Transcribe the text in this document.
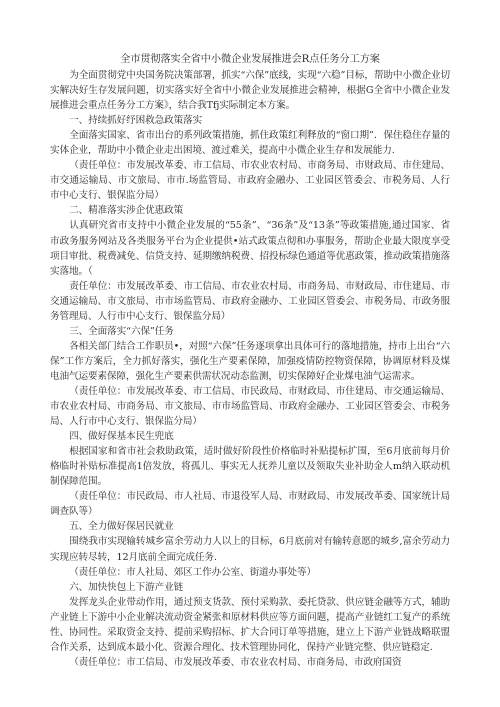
全市贯彻落实全省中小微企业发展推进会R点任务分工方案

为全面贯彻党中央国务院决策部署，抓实“六保”底线，实现“六稳”目标，帮助中小微企业切实解决好生存发展问题，切实落实好全省中小微企业发展推进会精神，根据G全省中小微企业发展推进会重点任务分工方案》，结合我Tfj实际制定本方案。

一、持续抓好纾困救急政策落实

全面落实国家、省市出台的系列政策措施，抓住政策红利释放的“窗口期”．保住稳住存量的实体企业，帮助中小微企业走出困境、渡过难关，提高中小微企业生存和发展能力.

（责任单位：市发展改革委、市工信局、市农业农村局、市商务局、市财政局、市住建局、市交通运输局、市文旅局、市市.场监管局、市政府金融办、工业园区管委会、市税务局、人行市中心支行、银保监分局）

二、精准落实涉企优惠政策

认真研究省市支持中小微企业发展的“55条”、“36条”及“13条”等政策措施,通过国家、省市政务服务网站及各类服务平台为企业提供•站式政策点彻和办事服务，帮助企业最大限度享受项目审批、税费减免、信贷支持、延期缴纳税费、招投标绿色通道等优惠政策，推动政策措施落实落地。（

责任单位：市发展改革委、市工信局、市农业农村局、市商务局、市财政局、市住建局、市交通运输局、市文旅局、市市场监管局、市政府金融办、工业园区管委会、市税务局、市政务服务管理局、人行市中心支行、银保监分局）

三、全面落实“六保”任务

各相关部门结合工作职员•，对照“六保”任务逐项拿出具体可行的落地措施，持市上出台“六保”工作方案后，全力抓好落实，强化生产要素保障，加强疫情防控物资保障，协调原材料及煤电油气运要素保障，强化生产要素供需状况动态监测，切实保障好企业煤电油气运需求。

（责任单位：市发展改革委、市工信局、市民政局、市财政局、市住建局、市交通运输局、市农业农村局、市商务局、市文旅局、市市场监管局、市政府金融办、工业园区管委会、市税务局、人行市中心支行、银保监分局）

四、做好保基本民生兜底

根据国家和省市社会救助政策，适时做好阶段性价格临时补贴提标扩围，至6月底前每月价格临时补贴标准提高1倍发放，将孤儿、事实无人抚养儿童以及领取失业补助金人m纳入联动机制保障范围。

（责任单位：市民政局、市人社局、市退役军人局、市财政局、市发展改革委、国家统计局调查队等）

五、全力做好保居民就业

围绕我市实现输转城乡富余劳动力人以上的目标，6月底前对有输转意愿的城乡,富余劳动力实现应转尽转，12月底前全面完成任务.

（责任单位：市人社局、郊区工作办公室、街道办事处等）

六、加快快包上下游产业链

发挥龙头企业带动作用，通过预支货款、预付采购款、委托贷款、供应链金融等方式，辅助产业链上下游中小企业解决流动资金紧张和原材料供应等方面问题，提高产业链红工复产的系统性、协同性。采取资金支持、提前采购招标、扩大合同订单等措施，建立上下游产业链战略联盟合作关系，达到成本最小化、资源合理化、技术管理协同化，保持产业链完整、供应链稳定.

（责任单位：市工信局、市发展改革委、市农业农村局、市商务局、市政府国资
